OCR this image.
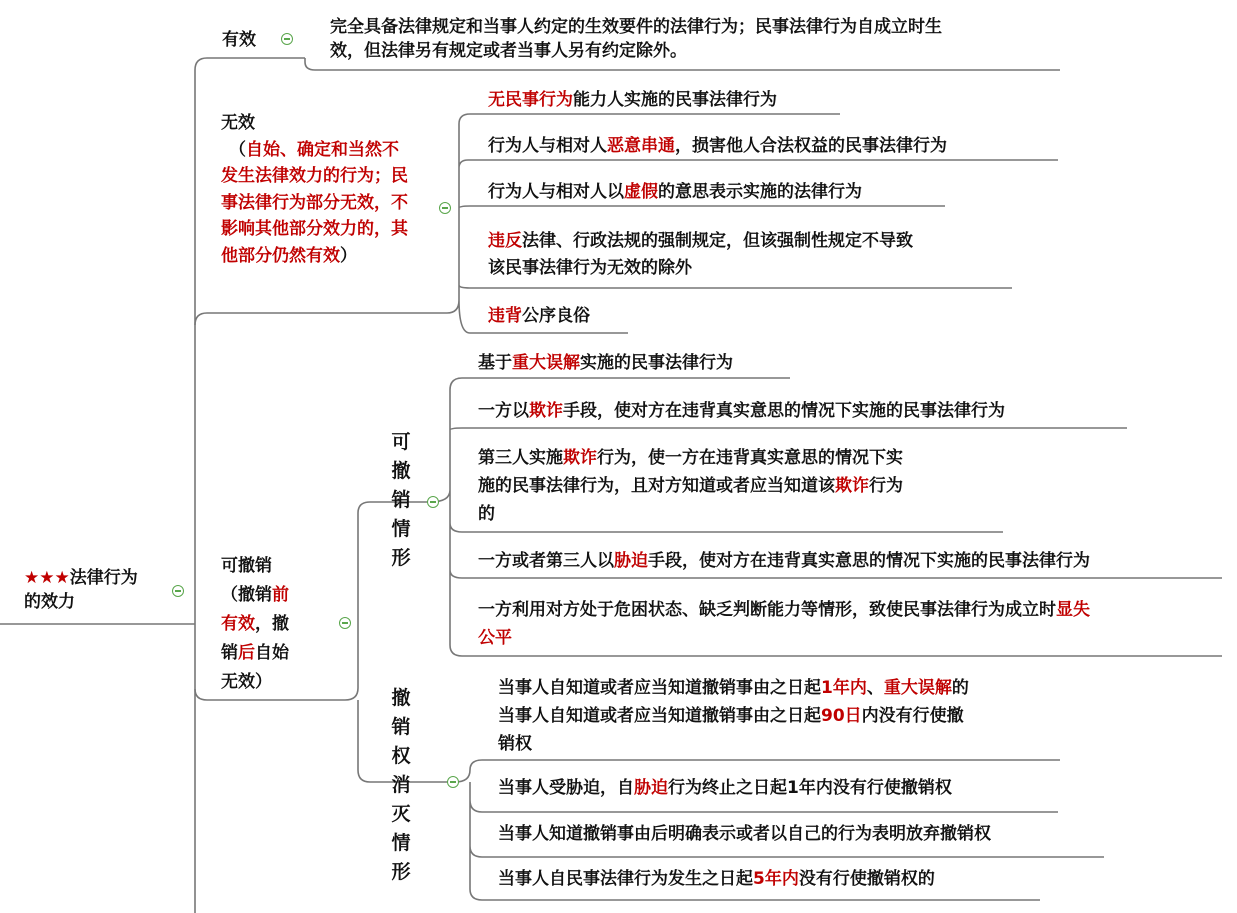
★★★法律行为
的效力
有效
完全具备法律规定和当事人约定的生效要件的法律行为；民事法律行为自成立时生
效，但法律另有规定或者当事人另有约定除外。
无效
（自始、确定和当然不发生法律效力的行为；民事法律行为部分无效，不影响其他部分效力的，其他部分仍然有效）
无民事行为能力人实施的民事法律行为
行为人与相对人恶意串通，损害他人合法权益的民事法律行为
行为人与相对人以虚假的意思表示实施的法律行为
违反法律、行政法规的强制规定，但该强制性规定不导致
该民事法律行为无效的除外
违背公序良俗
可撤销
（撤销前
有效，撤
销后自始
无效）
可
撤
销
情
形
基于重大误解实施的民事法律行为
一方以欺诈手段，使对方在违背真实意思的情况下实施的民事法律行为
第三人实施欺诈行为，使一方在违背真实意思的情况下实
施的民事法律行为，且对方知道或者应当知道该欺诈行为
的
一方或者第三人以胁迫手段，使对方在违背真实意思的情况下实施的民事法律行为
一方利用对方处于危困状态、缺乏判断能力等情形，致使民事法律行为成立时显失
公平
撤
销
权
消
灭
情
形
当事人自知道或者应当知道撤销事由之日起1年内、重大误解的
当事人自知道或者应当知道撤销事由之日起90日内没有行使撤
销权
当事人受胁迫，自胁迫行为终止之日起1年内没有行使撤销权
当事人知道撤销事由后明确表示或者以自己的行为表明放弃撤销权
当事人自民事法律行为发生之日起5年内没有行使撤销权的
